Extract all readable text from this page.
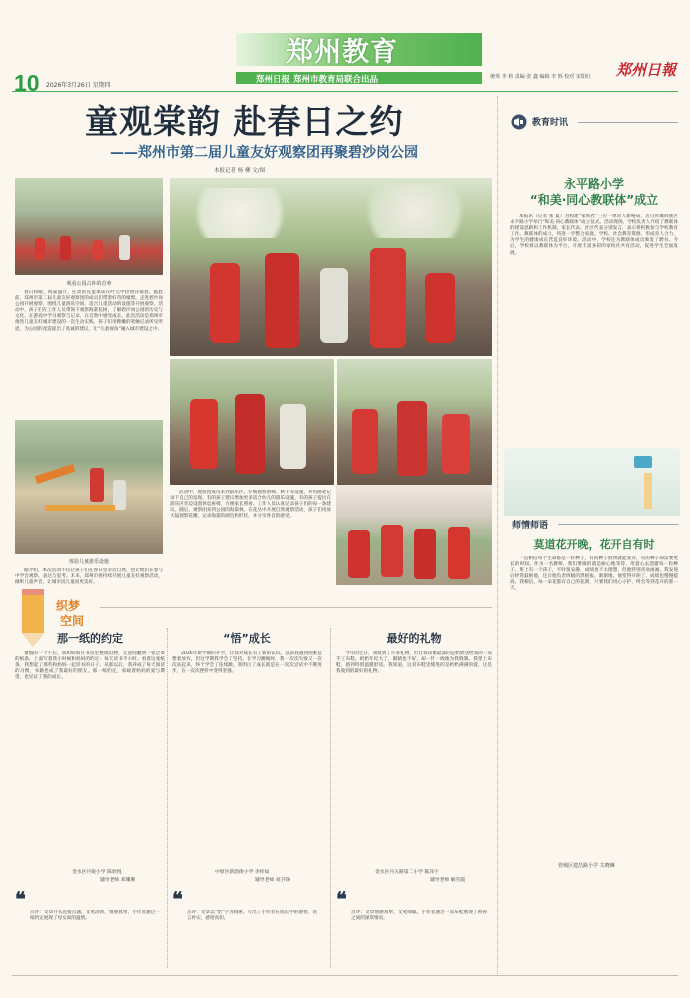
10 2026年3月26日 星期四
郑州教育
郑州日报 郑州市教育局联合出品	统筹 李 莉 责编 张 鑫 编辑 李 辉 校对 宋阳红 郑州日報
童观棠韵 赴春日之约
——郑州市第二届儿童友好观察团再聚碧沙岗公园
本报记者 杨 柳 文/图
观看公园古朴的首枣
体验儿童游乐设施

春日和暖，海棠盛开，任景的充盈承诺在叶元中热情洋溢着。据此前，郑州市第二届儿童友好观察团的成员们带着好奇的憧憬，走进碧沙岗公园开展观察，围绕儿童游乐空间、适合儿童活动的设施等开展观察。活动中，孩子们在工作人员带领下观察海棠花树，了解碧沙岗公园的历史与文化，在游戏中学习观察与记录，在自然中感受成长。此次活动是郑州市推进儿童友好城市建设的一次生动实践，孩子们用稚嫩的笔触记录所见所思，为公园的改造提出了真诚的建议，让“儿童视角”融入城市建设之中。

活动中，观察团成员来到游乐区，仔细观察滑梯、秋千等设施，并用画笔记录下自己的发现。有的孩子建议增加更多适合幼儿的游乐设施，有的孩子提出在游乐区旁边设置休息座椅，方便家长照看。工作人员认真记录孩子们的每一条建议。随后，观察团来到公园的海棠林，在花丛中开展自然观察活动，孩子们用放大镜观察花瓣，记录海棠的颜色和形状，并分享各自的感受。

据介绍，本次活动不仅让孩子们在春日里亲近自然，也让他们在参与中学会观察、表达与思考。未来，郑州市将持续开展儿童友好观察活动，倾听儿童声音，让城市因儿童而更美好。

教育时讯
永平路小学
“和美·同心教联体”成立

本报讯（记者 张 夏）为构建“家校社”三位一体育人新格局，近日管城回族区永平路小学举行“和美·同心教联体”成立仪式。活动现场，学校负责人介绍了教联体的建设思路和工作机制，家长代表、社区代表分别发言，表示将积极参与学校教育工作。教联体的成立，将进一步整合家庭、学校、社会教育资源，形成育人合力，为学生的健康成长营造良好环境。活动中，学校还为教联体成员颁发了聘书。今后，学校将以教联体为平台，开展丰富多彩的家校社共育活动，促进学生全面发展。

师情师语
莫道花开晚，花开自有时

一直相信每个生命都是一粒种子，有的种子很快就能发芽，有的种子却需要更长的时间。作为一名教师，我们要做的就是耐心地等待，用爱心去浇灌每一粒种子。班上有一个孩子，平时很安静，成绩也不太理想，但他特别喜欢画画。我发现后经常鼓励他，还让他负责班级的黑板报。渐渐地，他变得开朗了，成绩也慢慢提高。我相信，每一朵花都有自己的花期，只要我们用心守护，终会等到花开的那一天。

管城区建昌路小学 关晓琳
织梦
空间
那一纸的约定

暑假的一个午后，我和妈妈在书房里整理旧物，无意间翻到一张泛黄的纸条，上面写着我小时候和妈妈的约定：每天读书半小时。看着这张纸条，我想起了那些和妈妈一起读书的日子。从那以后，我养成了每天阅读的习惯，书籍也成了我最好的朋友。那一纸约定，承载着妈妈的爱与期望，也见证了我的成长。

金水区丹锐小学 陈欣悦
辅导老师 邓珊珊
❝

点评：文章开头直接点题，文笔清新，情感真挚，小作者通过一纸约定展现了母女间的温情。

“悟”成长

2026年新学期的开学，让我对成长有了新的认识。以前我遇到困难总想着放弃，但这学期我学会了坚持。在学习跳绳时，我一次次失败又一次次站起来，终于学会了连续跳。我明白了成长就是在一次次尝试中不断进步，在一次次挫折中变得坚强。

中原区新韵街小学 李梓如
辅导老师 刘卫铮
❝

点评：文章以“悟”字为线索，写出了小作者在成长中的感悟，语言朴实，感悟真切。

最好的礼物

今年的生日，我收到了许多礼物，但让我印象最深的是奶奶送给我的一双手工布鞋。奶奶年纪大了，眼睛也不好，却一针一线地为我缝制。我穿上布鞋，感到特别温暖舒适。我知道，这双布鞋里缝进的是奶奶满满的爱，这是我收到的最好的礼物。

金水区丹五路第二小学 陈泽宇
辅导老师 解雪霞
❝

点评：文章情感真挚，文笔细腻，小作者通过一双布鞋展现了祖孙之间的深厚情谊。
